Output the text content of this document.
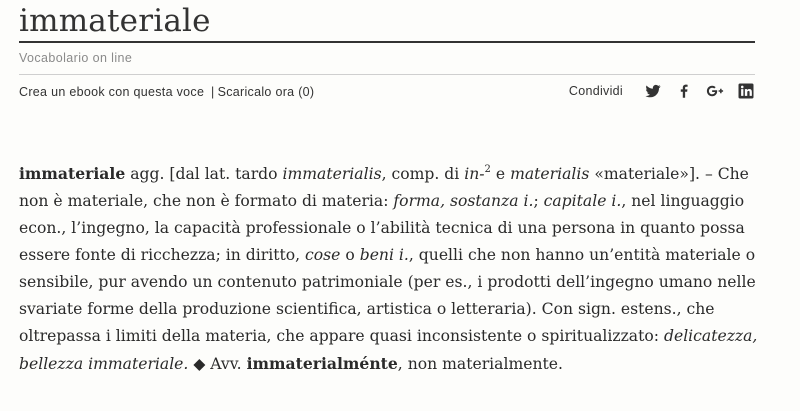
immateriale
Vocabolario on line
Crea un ebook con questa voce | Scaricalo ora (0)	Condividi

immateriale agg. [dal lat. tardo immaterialis, comp. di in-$^2$ e materialis «materiale»]. – Che non è materiale, che non è formato di materia: forma, sostanza i.; capitale i., nel linguaggio econ., l’ingegno, la capacità professionale o l’abilità tecnica di una persona in quanto possa essere fonte di ricchezza; in diritto, cose o beni i., quelli che non hanno un’entità materiale o sensibile, pur avendo un contenuto patrimoniale (per es., i prodotti dell’ingegno umano nelle svariate forme della produzione scientifica, artistica o letteraria). Con sign. estens., che oltrepassa i limiti della materia, che appare quasi inconsistente o spiritualizzato: delicatezza, bellezza immateriale. ◆ Avv. immaterialménte, non materialmente.
